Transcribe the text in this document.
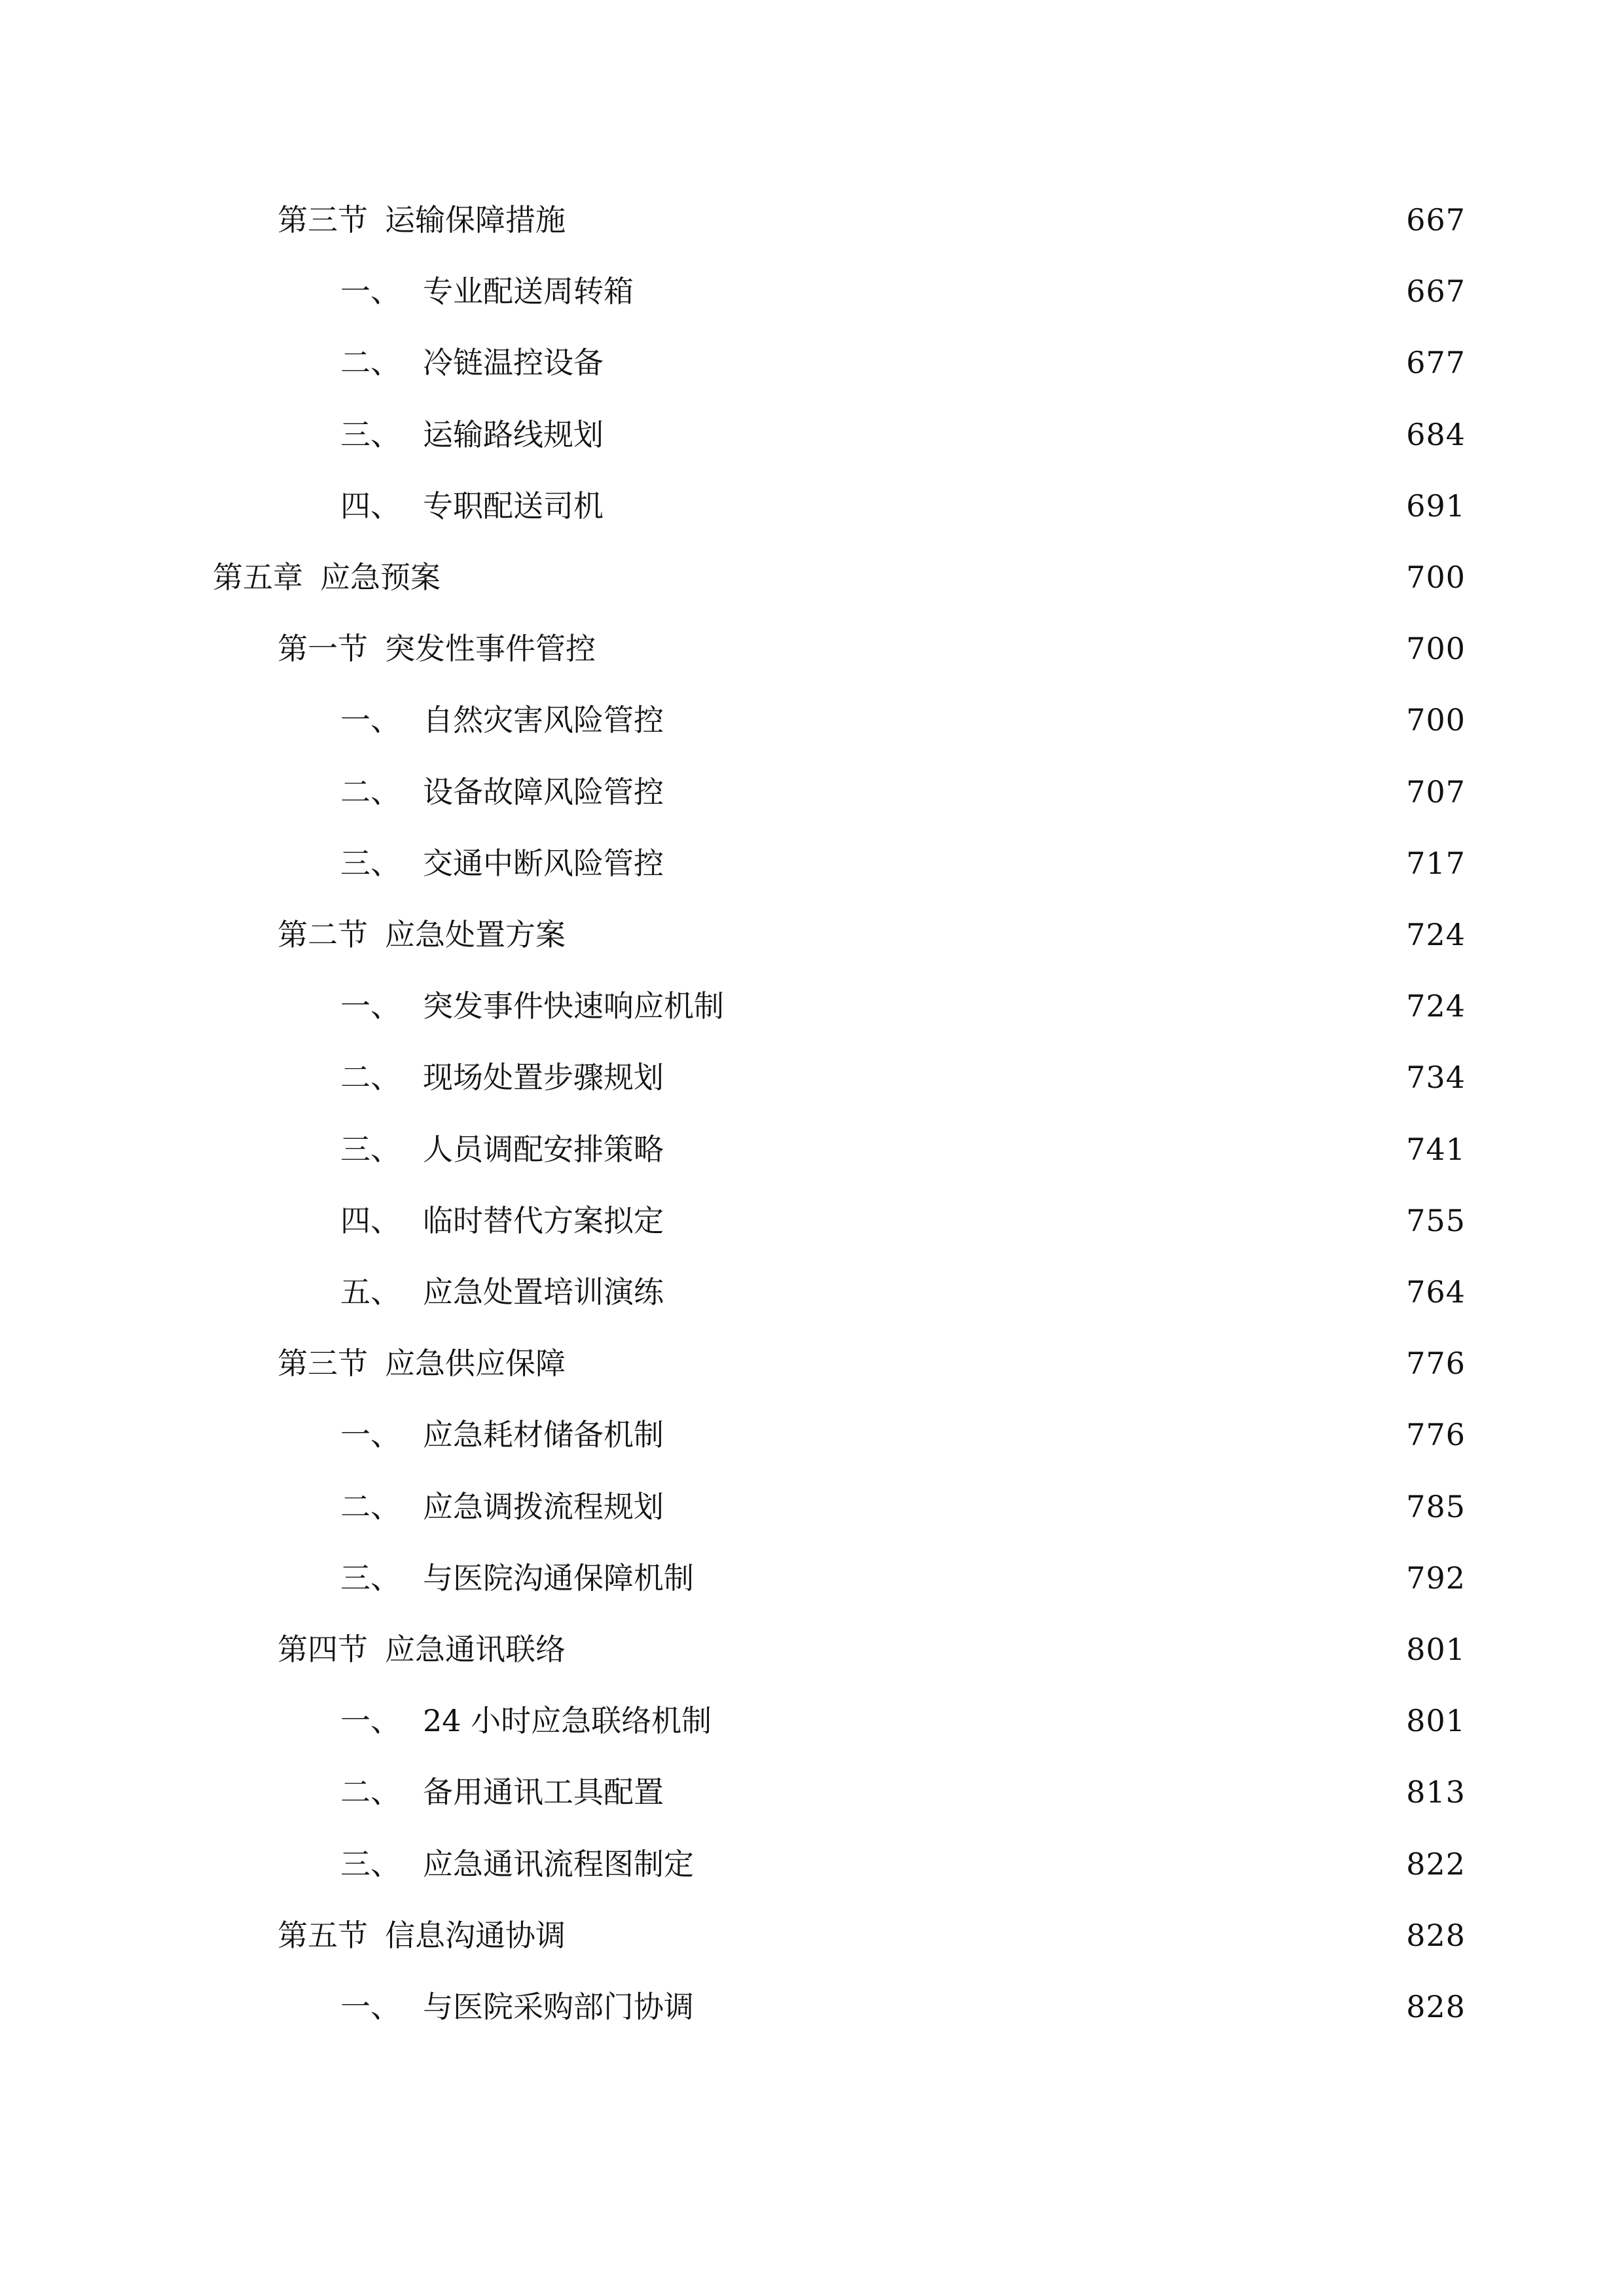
第三节 运输保障措施	667
一、 专业配送周转箱	667
二、 冷链温控设备	677
三、 运输路线规划	684
四、 专职配送司机	691
第五章 应急预案	700
第一节 突发性事件管控	700
一、 自然灾害风险管控	700
二、 设备故障风险管控	707
三、 交通中断风险管控	717
第二节 应急处置方案	724
一、 突发事件快速响应机制	724
二、 现场处置步骤规划	734
三、 人员调配安排策略	741
四、 临时替代方案拟定	755
五、 应急处置培训演练	764
第三节 应急供应保障	776
一、 应急耗材储备机制	776
二、 应急调拨流程规划	785
三、 与医院沟通保障机制	792
第四节 应急通讯联络	801
一、 24 小时应急联络机制	801
二、 备用通讯工具配置	813
三、 应急通讯流程图制定	822
第五节 信息沟通协调	828
一、 与医院采购部门协调	828
